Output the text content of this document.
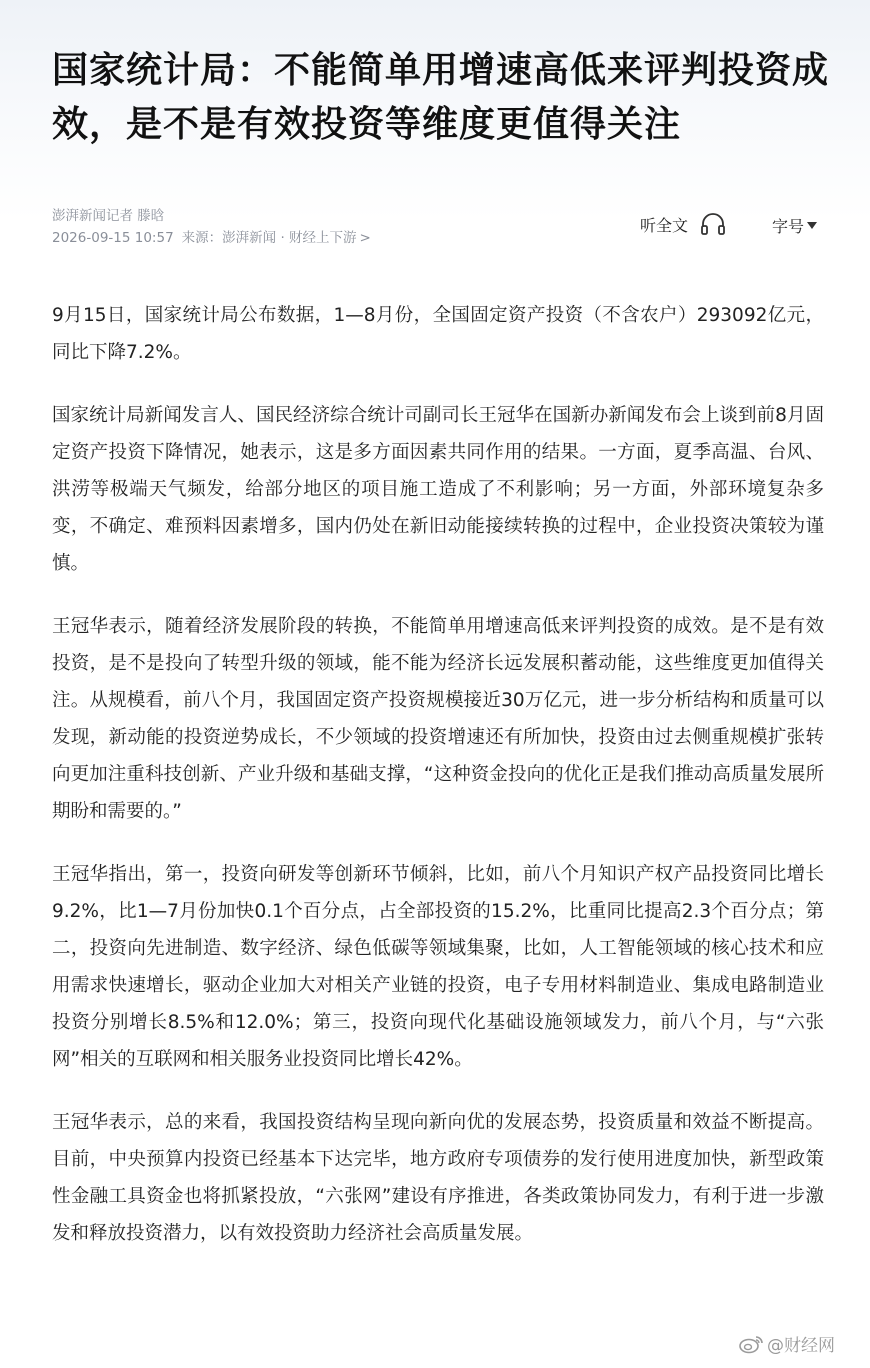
国家统计局：不能简单用增速高低来评判投资成效，是不是有效投资等维度更值得关注
澎湃新闻记者 滕晗
2026-09-15 10:57 来源：澎湃新闻 · 财经上下游 >
听全文	字号

9月15日，国家统计局公布数据，1—8月份，全国固定资产投资（不含农户）293092亿元，同比下降7.2%。

国家统计局新闻发言人、国民经济综合统计司副司长王冠华在国新办新闻发布会上谈到前8月固定资产投资下降情况，她表示，这是多方面因素共同作用的结果。一方面，夏季高温、台风、洪涝等极端天气频发，给部分地区的项目施工造成了不利影响；另一方面，外部环境复杂多变，不确定、难预料因素增多，国内仍处在新旧动能接续转换的过程中，企业投资决策较为谨慎。

王冠华表示，随着经济发展阶段的转换，不能简单用增速高低来评判投资的成效。是不是有效投资，是不是投向了转型升级的领域，能不能为经济长远发展积蓄动能，这些维度更加值得关注。从规模看，前八个月，我国固定资产投资规模接近30万亿元，进一步分析结构和质量可以发现，新动能的投资逆势成长，不少领域的投资增速还有所加快，投资由过去侧重规模扩张转向更加注重科技创新、产业升级和基础支撑，“这种资金投向的优化正是我们推动高质量发展所期盼和需要的。”

王冠华指出，第一，投资向研发等创新环节倾斜，比如，前八个月知识产权产品投资同比增长9.2%，比1—7月份加快0.1个百分点，占全部投资的15.2%，比重同比提高2.3个百分点；第二，投资向先进制造、数字经济、绿色低碳等领域集聚，比如，人工智能领域的核心技术和应用需求快速增长，驱动企业加大对相关产业链的投资，电子专用材料制造业、集成电路制造业投资分别增长8.5%和12.0%；第三，投资向现代化基础设施领域发力，前八个月，与“六张网”相关的互联网和相关服务业投资同比增长42%。

王冠华表示，总的来看，我国投资结构呈现向新向优的发展态势，投资质量和效益不断提高。目前，中央预算内投资已经基本下达完毕，地方政府专项债券的发行使用进度加快，新型政策性金融工具资金也将抓紧投放，“六张网”建设有序推进，各类政策协同发力，有利于进一步激发和释放投资潜力，以有效投资助力经济社会高质量发展。

@财经网
